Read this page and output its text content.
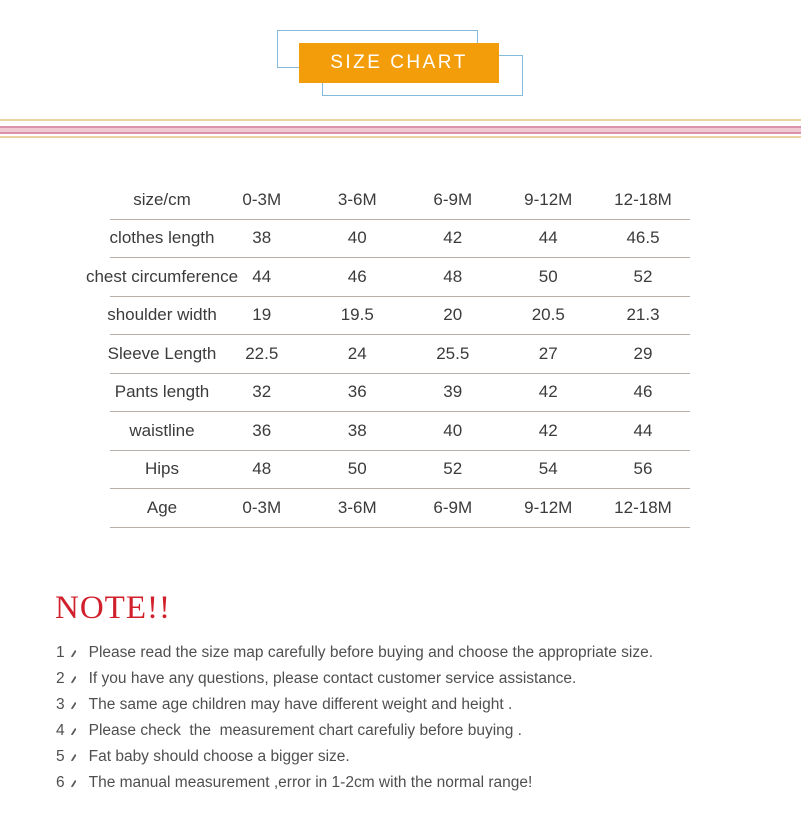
SIZE CHART
size/cm	0-3M	3-6M	6-9M	9-12M	12-18M
clothes length	38	40	42	44	46.5
chest circumference 44	46	48	50	52
shoulder width	19	19.5	20	20.5	21.3
Sleeve Length	22.5	24	25.5	27	29
Pants length	32	36	39	42	46
waistline	36	38	40	42	44
Hips	48	50	52	54	56
Age	0-3M	3-6M	6-9M	9-12M	12-18M
NOTE!!
1	Please read the size map carefully before buying and choose the appropriate size.
2	If you have any questions, please contact customer service assistance.
3	The same age children may have different weight and height .
4	Please check  the  measurement chart carefuliy before buying .
5	Fat baby should choose a bigger size.
6	The manual measurement ,error in 1-2cm with the normal range!
